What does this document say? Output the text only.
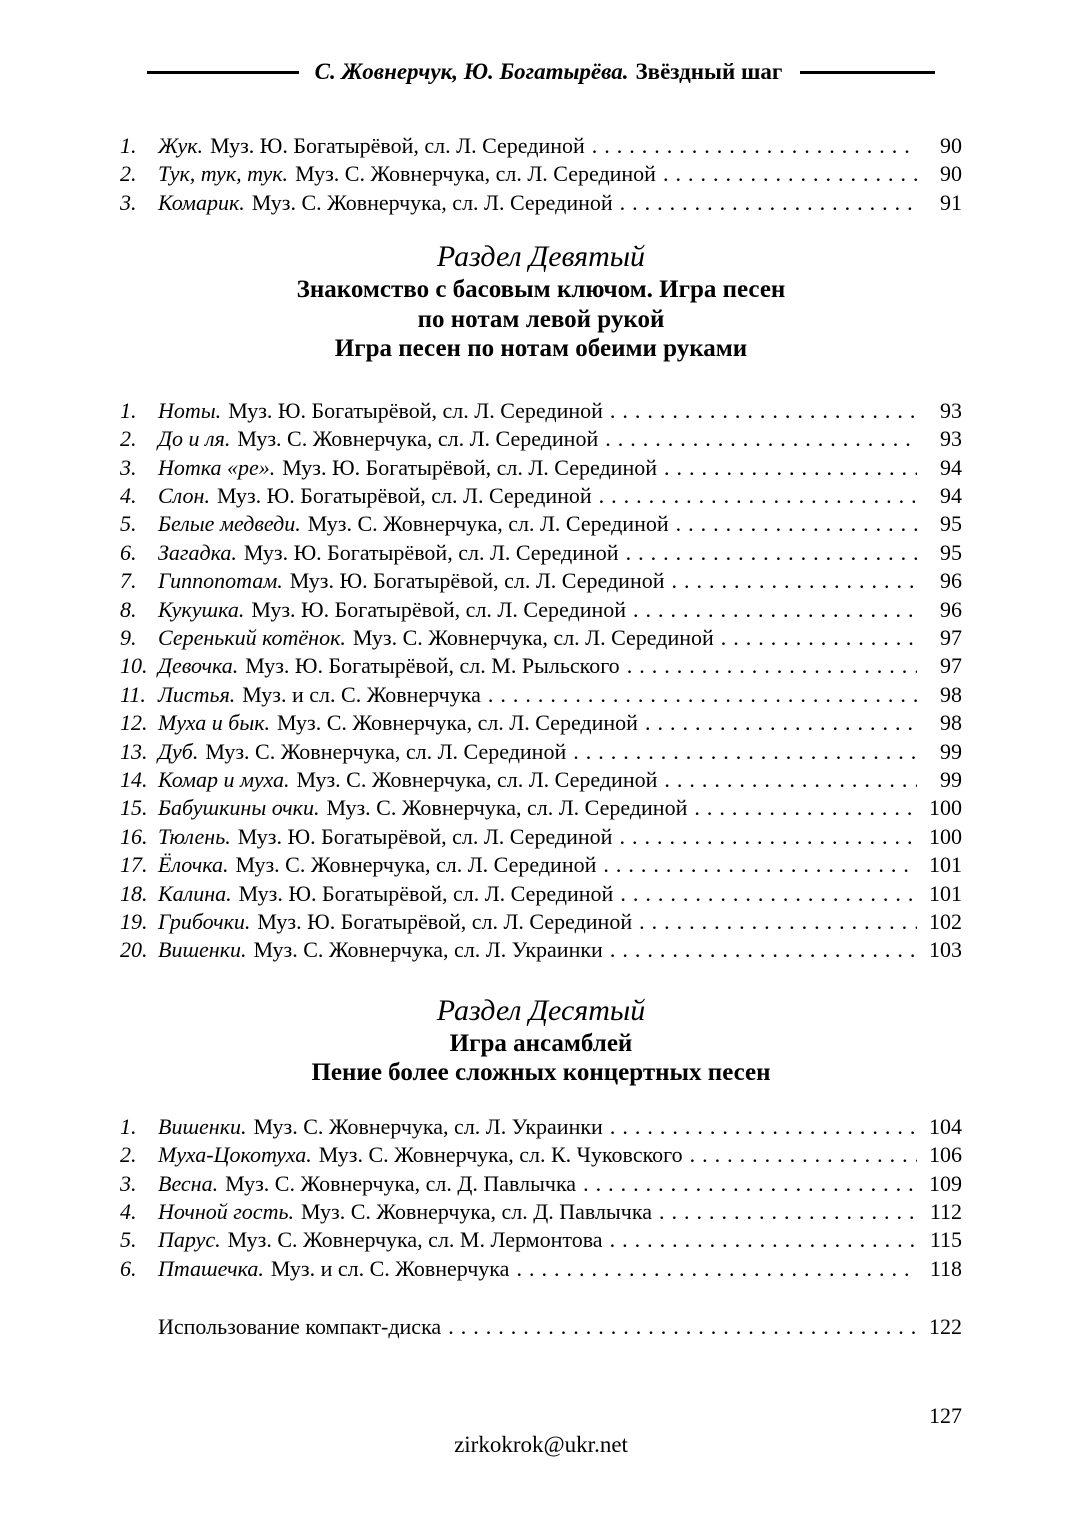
С. Жовнерчук, Ю. Богатырёва. Звёздный шаг
1. Жук. Муз. Ю. Богатырёвой, сл. Л. Серединой .....	90
2. Тук, тук, тук. Муз. С. Жовнерчука, сл. Л. Серединой .....	90
3. Комарик. Муз. С. Жовнерчука, сл. Л. Серединой .....	91
Раздел Девятый
Знакомство с басовым ключом. Игра песен
по нотам левой рукой
Игра песен по нотам обеими руками
1. Ноты. Муз. Ю. Богатырёвой, сл. Л. Серединой .....	93
2. До и ля. Муз. С. Жовнерчука, сл. Л. Серединой .....	93
3. Нотка «ре». Муз. Ю. Богатырёвой, сл. Л. Серединой .....	94
4. Слон. Муз. Ю. Богатырёвой, сл. Л. Серединой .....	94
5. Белые медведи. Муз. С. Жовнерчука, сл. Л. Серединой .....	95
6. Загадка. Муз. Ю. Богатырёвой, сл. Л. Серединой .....	95
7. Гиппопотам. Муз. Ю. Богатырёвой, сл. Л. Серединой .....	96
8. Кукушка. Муз. Ю. Богатырёвой, сл. Л. Серединой .....	96
9. Серенький котёнок. Муз. С. Жовнерчука, сл. Л. Серединой .....	97
10. Девочка. Муз. Ю. Богатырёвой, сл. М. Рыльского .....	97
11. Листья. Муз. и сл. С. Жовнерчука .....	98
12. Муха и бык. Муз. С. Жовнерчука, сл. Л. Серединой .....	98
13. Дуб. Муз. С. Жовнерчука, сл. Л. Серединой .....	99
14. Комар и муха. Муз. С. Жовнерчука, сл. Л. Серединой .....	99
15. Бабушкины очки. Муз. С. Жовнерчука, сл. Л. Серединой .....	100
16. Тюлень. Муз. Ю. Богатырёвой, сл. Л. Серединой .....	100
17. Ёлочка. Муз. С. Жовнерчука, сл. Л. Серединой .....	101
18. Калина. Муз. Ю. Богатырёвой, сл. Л. Серединой .....	101
19. Грибочки. Муз. Ю. Богатырёвой, сл. Л. Серединой .....	102
20. Вишенки. Муз. С. Жовнерчука, сл. Л. Украинки .....	103
Раздел Десятый
Игра ансамблей
Пение более сложных концертных песен
1. Вишенки. Муз. С. Жовнерчука, сл. Л. Украинки .....	104
2. Муха-Цокотуха. Муз. С. Жовнерчука, сл. К. Чуковского .....	106
3. Весна. Муз. С. Жовнерчука, сл. Д. Павлычка .....	109
4. Ночной гость. Муз. С. Жовнерчука, сл. Д. Павлычка .....	112
5. Парус. Муз. С. Жовнерчука, сл. М. Лермонтова .....	115
6. Пташечка. Муз. и сл. С. Жовнерчука .....	118
Использование компакт-диска .....	122
127
zirkokrok@ukr.net
